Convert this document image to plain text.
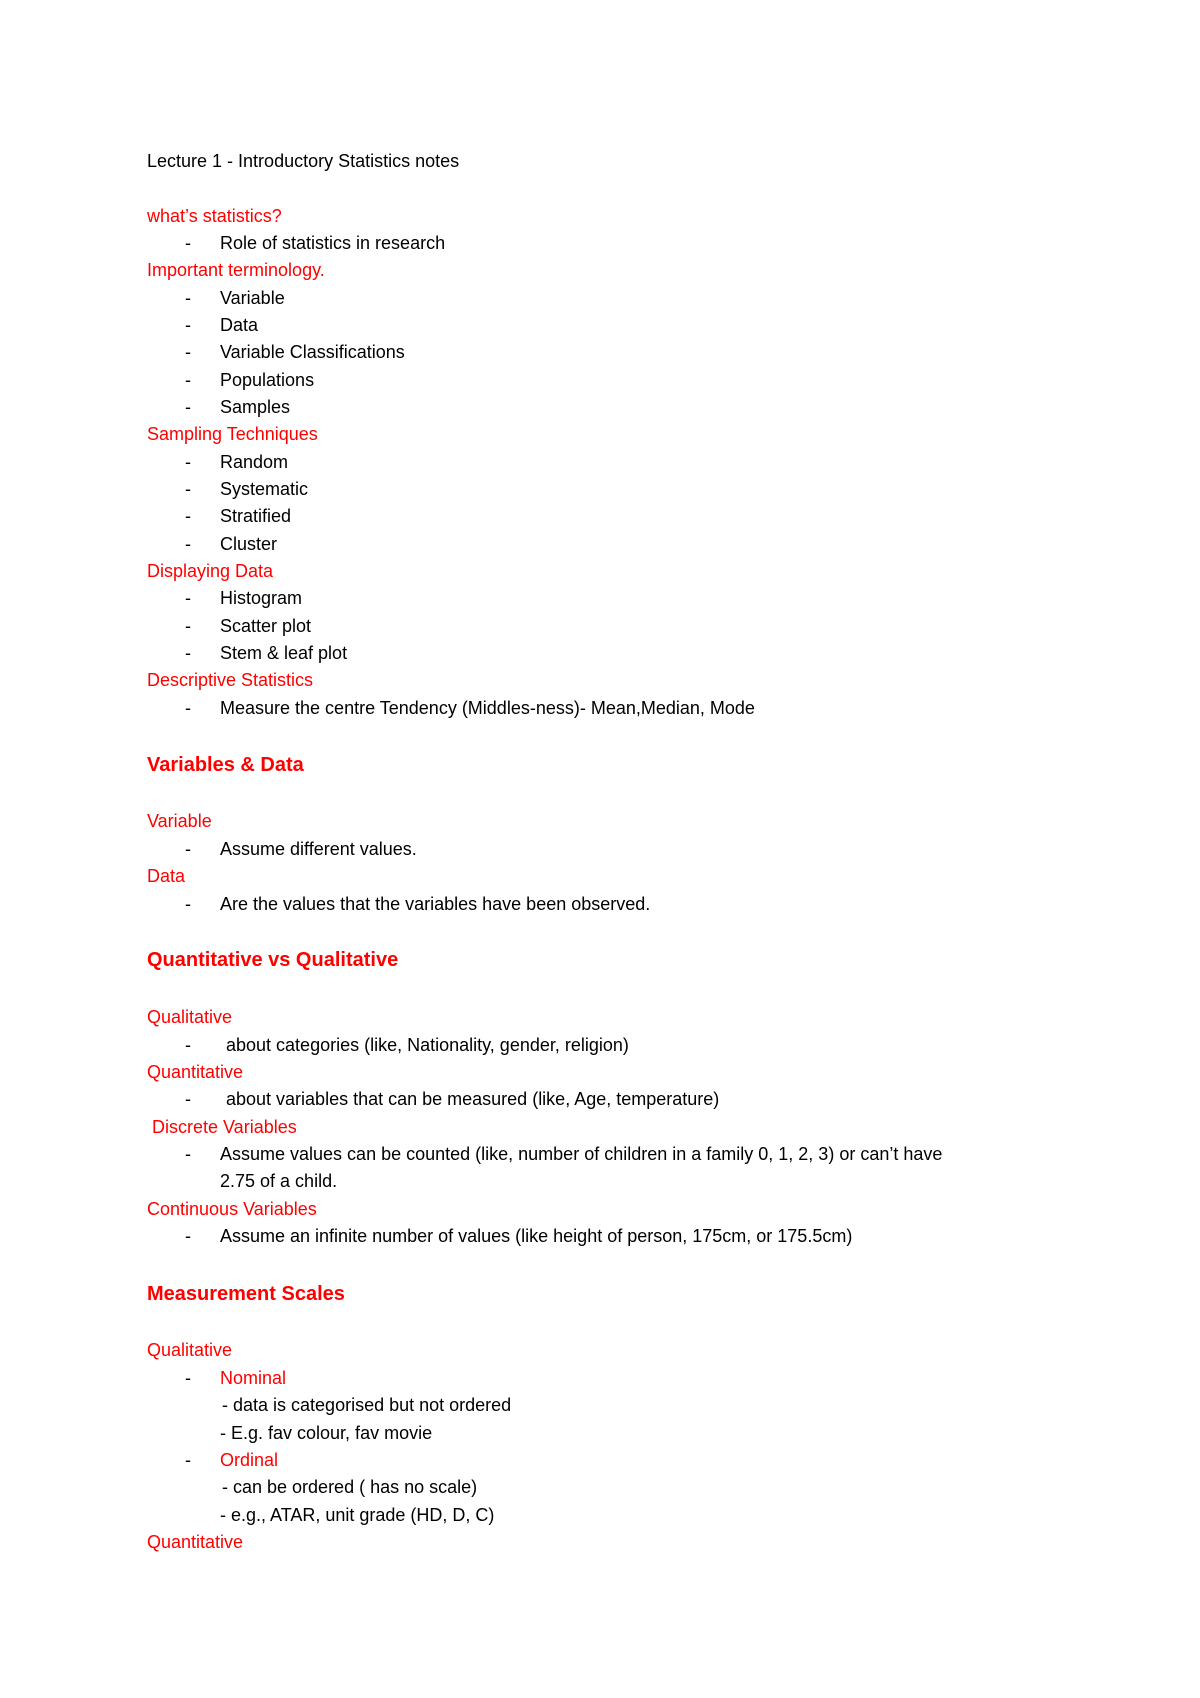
Lecture 1 - Introductory Statistics notes

what’s statistics?

- Role of statistics in research

Important terminology.

- Variable

- Data

- Variable Classifications

- Populations

- Samples

Sampling Techniques

- Random

- Systematic

- Stratified

- Cluster

Displaying Data

- Histogram

- Scatter plot

- Stem & leaf plot

Descriptive Statistics

- Measure the centre Tendency (Middles-ness)- Mean,Median, Mode

Variables & Data

Variable

- Assume different values.

Data

- Are the values that the variables have been observed.

Quantitative vs Qualitative

Qualitative

- about categories (like, Nationality, gender, religion)

Quantitative

- about variables that can be measured (like, Age, temperature)

Discrete Variables

- Assume values can be counted (like, number of children in a family 0, 1, 2, 3) or can’t have

2.75 of a child.

Continuous Variables

- Assume an infinite number of values (like height of person, 175cm, or 175.5cm)

Measurement Scales

Qualitative

- Nominal

- data is categorised but not ordered

- E.g. fav colour, fav movie

- Ordinal

- can be ordered ( has no scale)

- e.g., ATAR, unit grade (HD, D, C)

Quantitative
